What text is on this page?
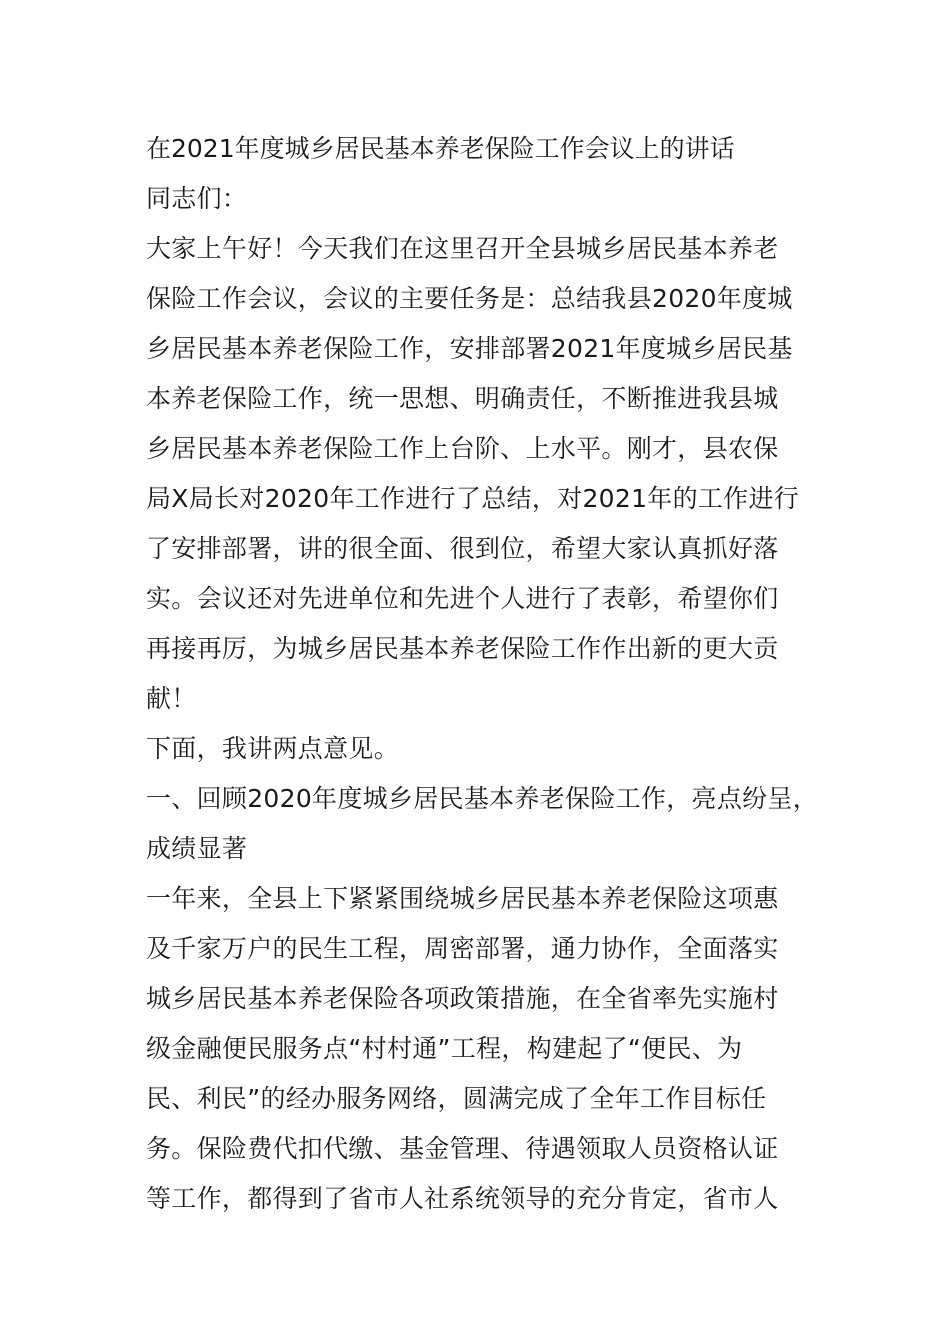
在2021年度城乡居民基本养老保险工作会议上的讲话
同志们：
大家上午好！今天我们在这里召开全县城乡居民基本养老
保险工作会议，会议的主要任务是：总结我县2020年度城
乡居民基本养老保险工作，安排部署2021年度城乡居民基
本养老保险工作，统一思想、明确责任，不断推进我县城
乡居民基本养老保险工作上台阶、上水平。刚才，县农保
局X局长对2020年工作进行了总结，对2021年的工作进行
了安排部署，讲的很全面、很到位，希望大家认真抓好落
实。会议还对先进单位和先进个人进行了表彰，希望你们
再接再厉，为城乡居民基本养老保险工作作出新的更大贡
献！
下面，我讲两点意见。
一、回顾2020年度城乡居民基本养老保险工作，亮点纷呈，
成绩显著
一年来，全县上下紧紧围绕城乡居民基本养老保险这项惠
及千家万户的民生工程，周密部署，通力协作，全面落实
城乡居民基本养老保险各项政策措施，在全省率先实施村
级金融便民服务点“村村通”工程，构建起了“便民、为
民、利民”的经办服务网络，圆满完成了全年工作目标任
务。保险费代扣代缴、基金管理、待遇领取人员资格认证
等工作，都得到了省市人社系统领导的充分肯定，省市人
